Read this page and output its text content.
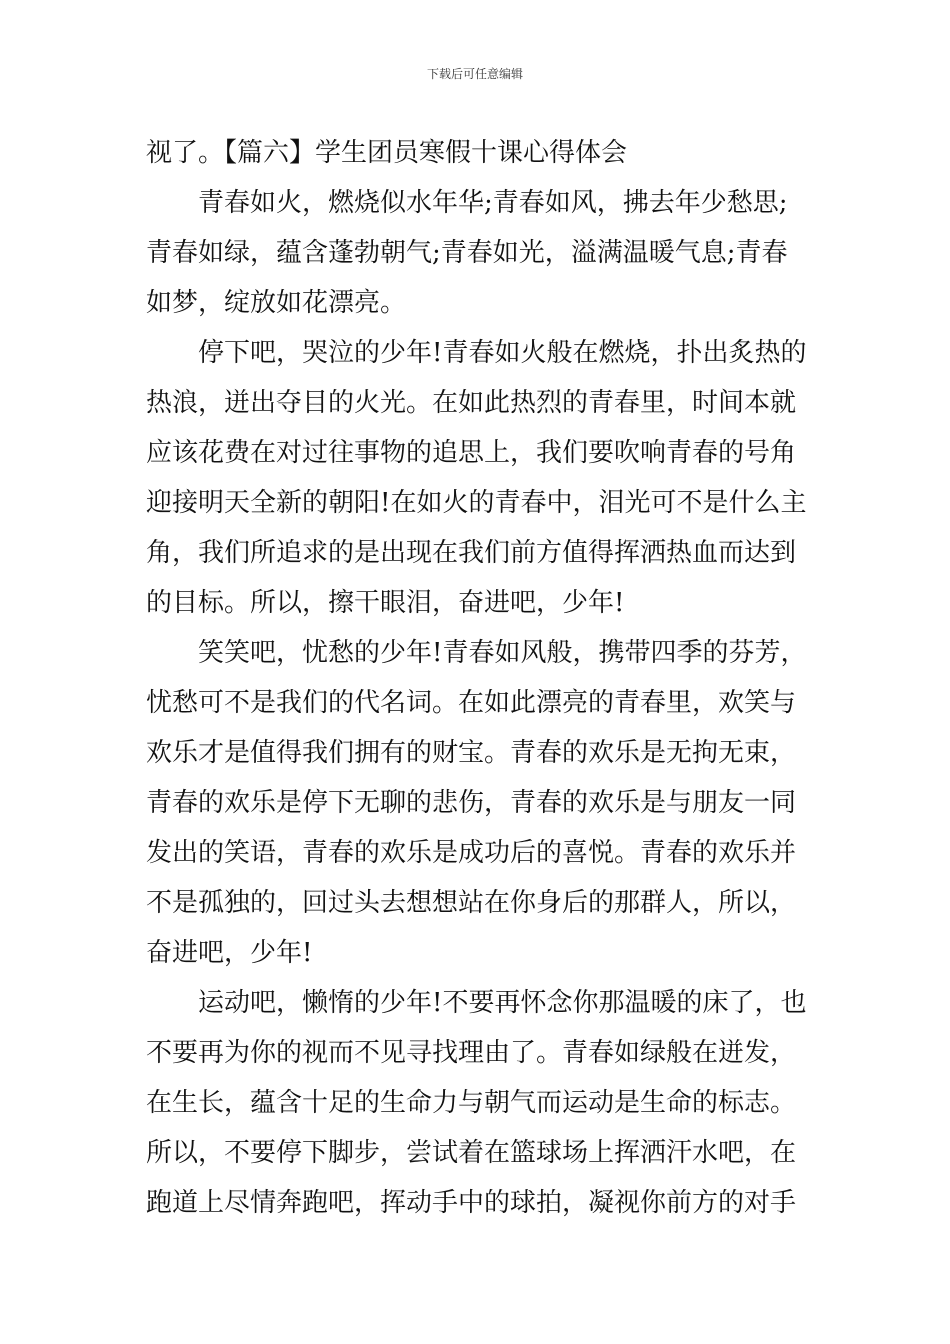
下载后可任意编辑
视了。【篇六】学生团员寒假十课心得体会
青春如火，燃烧似水年华;青春如风，拂去年少愁思;
青春如绿，蕴含蓬勃朝气;青春如光，溢满温暖气息;青春
如梦，绽放如花漂亮。
停下吧，哭泣的少年!青春如火般在燃烧，扑出炙热的
热浪，迸出夺目的火光。在如此热烈的青春里，时间本就
应该花费在对过往事物的追思上，我们要吹响青春的号角
迎接明天全新的朝阳!在如火的青春中，泪光可不是什么主
角，我们所追求的是出现在我们前方值得挥洒热血而达到
的目标。所以，擦干眼泪，奋进吧，少年!
笑笑吧，忧愁的少年!青春如风般，携带四季的芬芳，
忧愁可不是我们的代名词。在如此漂亮的青春里，欢笑与
欢乐才是值得我们拥有的财宝。青春的欢乐是无拘无束，
青春的欢乐是停下无聊的悲伤，青春的欢乐是与朋友一同
发出的笑语，青春的欢乐是成功后的喜悦。青春的欢乐并
不是孤独的，回过头去想想站在你身后的那群人，所以，
奋进吧，少年!
运动吧，懒惰的少年!不要再怀念你那温暖的床了，也
不要再为你的视而不见寻找理由了。青春如绿般在迸发，
在生长，蕴含十足的生命力与朝气而运动是生命的标志。
所以，不要停下脚步，尝试着在篮球场上挥洒汗水吧，在
跑道上尽情奔跑吧，挥动手中的球拍，凝视你前方的对手
